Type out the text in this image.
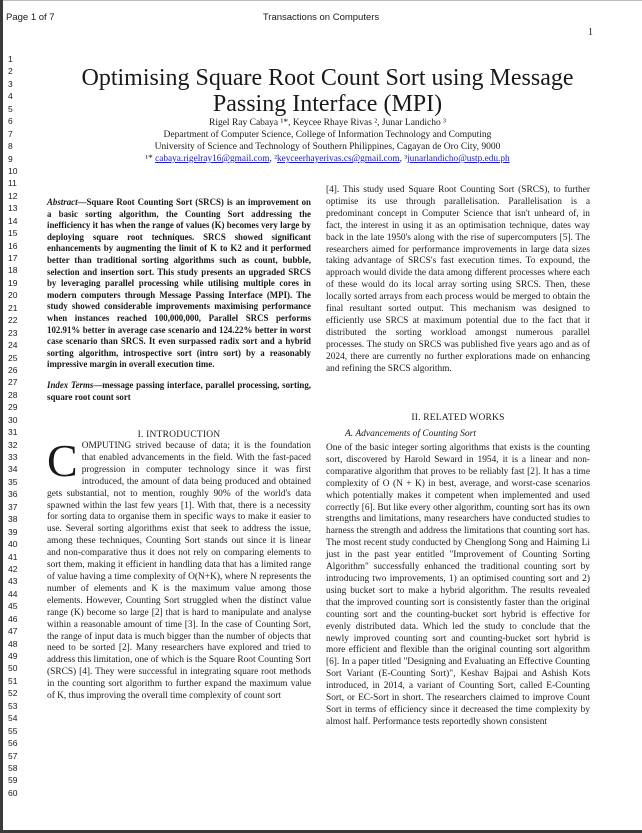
Page 1 of 7	Transactions on Computers
1
1
2
3
4
5
6
7
8
9
10
11
12
13
14
15
16
17
18
19
20
21
22
23
24
25
26
27
28
29
30
31
32
33
34
35
36
37
38
39
40
41
42
43
44
45
46
47
48
49
50
51
52
53
54
55
56
57
58
59
60
Optimising Square Root Count Sort using Message
Passing Interface (MPI)
Rigel Ray Cabaya ¹*, Keycee Rhaye Rivas ², Junar Landicho ³
Department of Computer Science, College of Information Technology and Computing
University of Science and Technology of Southern Philippines, Cagayan de Oro City, 9000
¹* cabaya.rigelray16@gmail.com, ²keyceerhayerivas.cs@gmail.com, ³junarlandicho@ustp.edu.ph

Abstract—Square Root Counting Sort (SRCS) is an improvement on a basic sorting algorithm, the Counting Sort addressing the inefficiency it has when the range of values (K) becomes very large by deploying square root techniques. SRCS showed significant enhancements by augmenting the limit of K to K2 and it performed better than traditional sorting algorithms such as count, bubble, selection and insertion sort. This study presents an upgraded SRCS by leveraging parallel processing while utilising multiple cores in modern computers through Message Passing Interface (MPI). The study showed considerable improvements maximising performance when instances reached 100,000,000, Parallel SRCS performs 102.91% better in average case scenario and 124.22% better in worst case scenario than SRCS. It even surpassed radix sort and a hybrid sorting algorithm, introspective sort (intro sort) by a reasonably impressive margin in overall execution time.

Index Terms—message passing interface, parallel processing, sorting, square root count sort

I. INTRODUCTION

COMPUTING strived because of data; it is the foundation that enabled advancements in the field. With the fast-paced progression in computer technology since it was first introduced, the amount of data being produced and obtained gets substantial, not to mention, roughly 90% of the world's data spawned within the last few years [1]. With that, there is a necessity for sorting data to organise them in specific ways to make it easier to use. Several sorting algorithms exist that seek to address the issue, among these techniques, Counting Sort stands out since it is linear and non-comparative thus it does not rely on comparing elements to sort them, making it efficient in handling data that has a limited range of value having a time complexity of O(N+K), where N represents the number of elements and K is the maximum value among those elements. However, Counting Sort struggled when the distinct value range (K) become so large [2] that is hard to manipulate and analyse within a reasonable amount of time [3]. In the case of Counting Sort, the range of input data is much bigger than the number of objects that need to be sorted [2]. Many researchers have explored and tried to address this limitation, one of which is the Square Root Counting Sort (SRCS) [4]. They were successful in integrating square root methods in the counting sort algorithm to further expand the maximum value of K, thus improving the overall time complexity of count sort

[4]. This study used Square Root Counting Sort (SRCS), to further optimise its use through parallelisation. Parallelisation is a predominant concept in Computer Science that isn't unheard of, in fact, the interest in using it as an optimisation technique, dates way back in the late 1950's along with the rise of supercomputers [5]. The researchers aimed for performance improvements in large data sizes taking advantage of SRCS's fast execution times. To expound, the approach would divide the data among different processes where each of these would do its local array sorting using SRCS. Then, these locally sorted arrays from each process would be merged to obtain the final resultant sorted output. This mechanism was designed to efficiently use SRCS at maximum potential due to the fact that it distributed the sorting workload amongst numerous parallel processes. The study on SRCS was published five years ago and as of 2024, there are currently no further explorations made on enhancing and refining the SRCS algorithm.

II. RELATED WORKS
A. Advancements of Counting Sort

One of the basic integer sorting algorithms that exists is the counting sort, discovered by Harold Seward in 1954, it is a linear and non-comparative algorithm that proves to be reliably fast [2]. It has a time complexity of O (N + K) in best, average, and worst-case scenarios which potentially makes it competent when implemented and used correctly [6]. But like every other algorithm, counting sort has its own strengths and limitations, many researchers have conducted studies to harness the strength and address the limitations that counting sort has. The most recent study conducted by Chenglong Song and Haiming Li just in the past year entitled "Improvement of Counting Sorting Algorithm" successfully enhanced the traditional counting sort by introducing two improvements, 1) an optimised counting sort and 2) using bucket sort to make a hybrid algorithm. The results revealed that the improved counting sort is consistently faster than the original counting sort and the counting-bucket sort hybrid is effective for evenly distributed data. Which led the study to conclude that the newly improved counting sort and counting-bucket sort hybrid is more efficient and flexible than the original counting sort algorithm [6]. In a paper titled "Designing and Evaluating an Effective Counting Sort Variant (E-Counting Sort)", Keshav Bajpai and Ashish Kots introduced, in 2014, a variant of Counting Sort, called E-Counting Sort, or EC-Sort in short. The researchers claimed to improve Count Sort in terms of efficiency since it decreased the time complexity by almost half. Performance tests reportedly shown consistent
